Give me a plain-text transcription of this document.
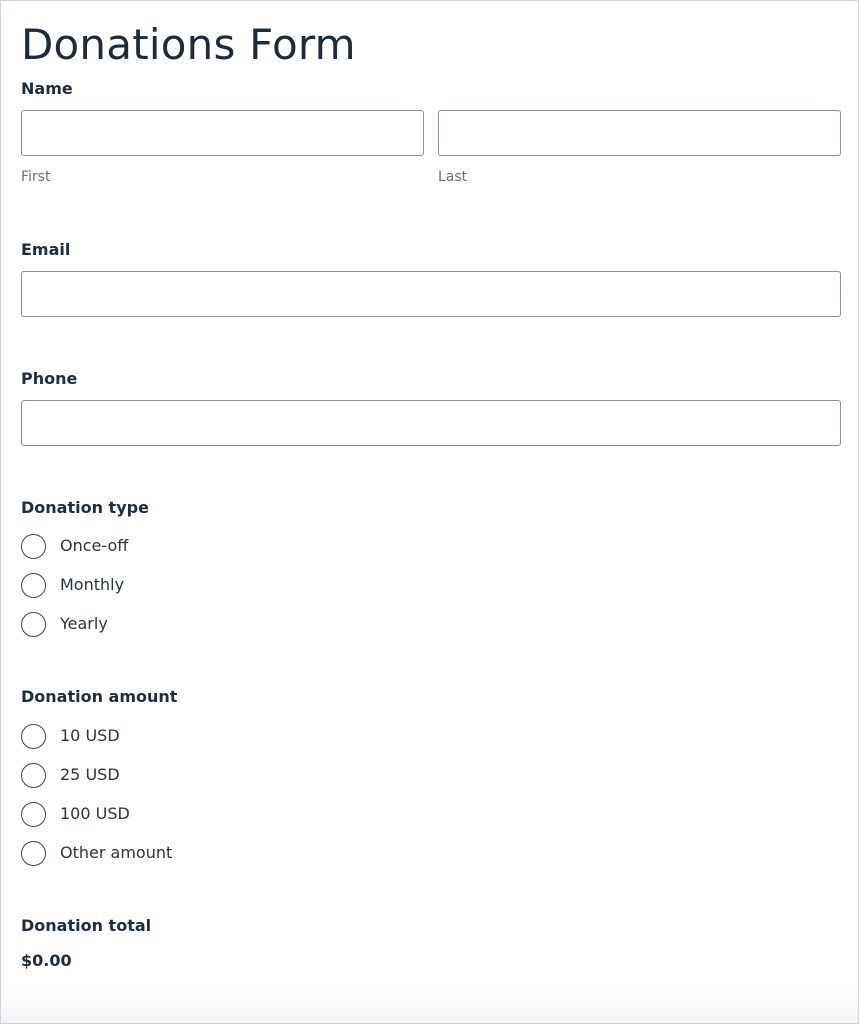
Donations Form
Name
First	Last
Email
Phone
Donation type
Once-off
Monthly
Yearly
Donation amount
10 USD
25 USD
100 USD
Other amount
Donation total
$0.00
